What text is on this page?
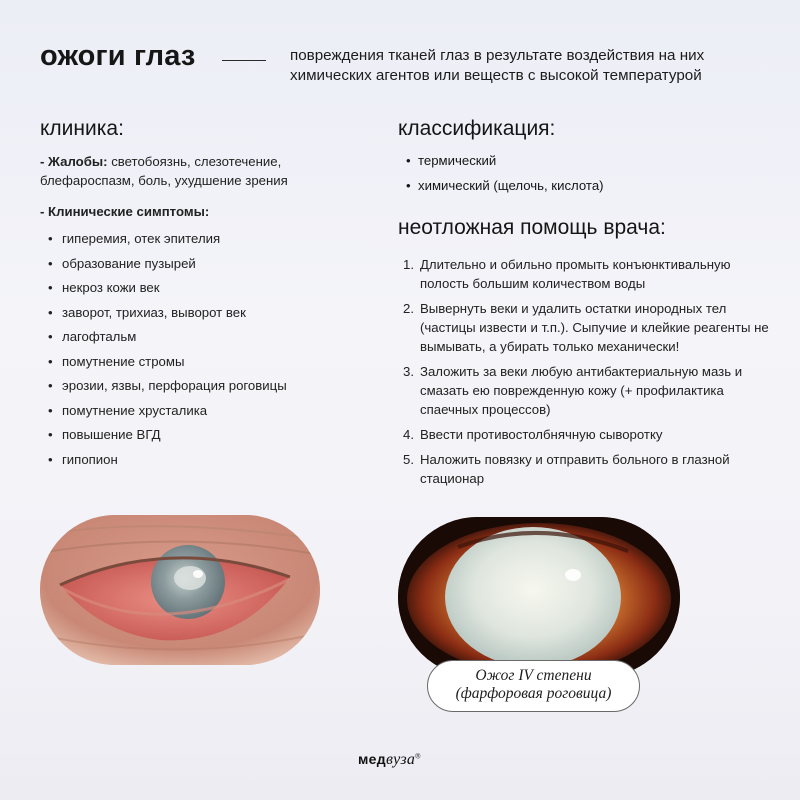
ожоги глаз	повреждения тканей глаз в результате воздействия на них химических агентов или веществ с высокой температурой
клиника:

- Жалобы: светобоязнь, слезотечение, блефароспазм, боль, ухудшение зрения

- Клинические симптомы:
• гиперемия, отек эпителия
• образование пузырей
• некроз кожи век
• заворот, трихиаз, выворот век
• лагофтальм
• помутнение стромы
• эрозии, язвы, перфорация роговицы
• помутнение хрусталика
• повышение ВГД
• гипопион
классификация:
• термический
• химический (щелочь, кислота)
неотложная помощь врача:
1. Длительно и обильно промыть конъюнктивальную полость большим количеством воды
2. Вывернуть веки и удалить остатки инородных тел (частицы извести и т.п.). Сыпучие и клейкие реагенты не вымывать, а убирать только механически!
3. Заложить за веки любую антибактериальную мазь и смазать ею поврежденную кожу (+ профилактика спаечных процессов)
4. Ввести противостолбнячную сыворотку
5. Наложить повязку и отправить больного в глазной стационар
Ожог IV степени
(фарфоровая роговица)
медвуза®
